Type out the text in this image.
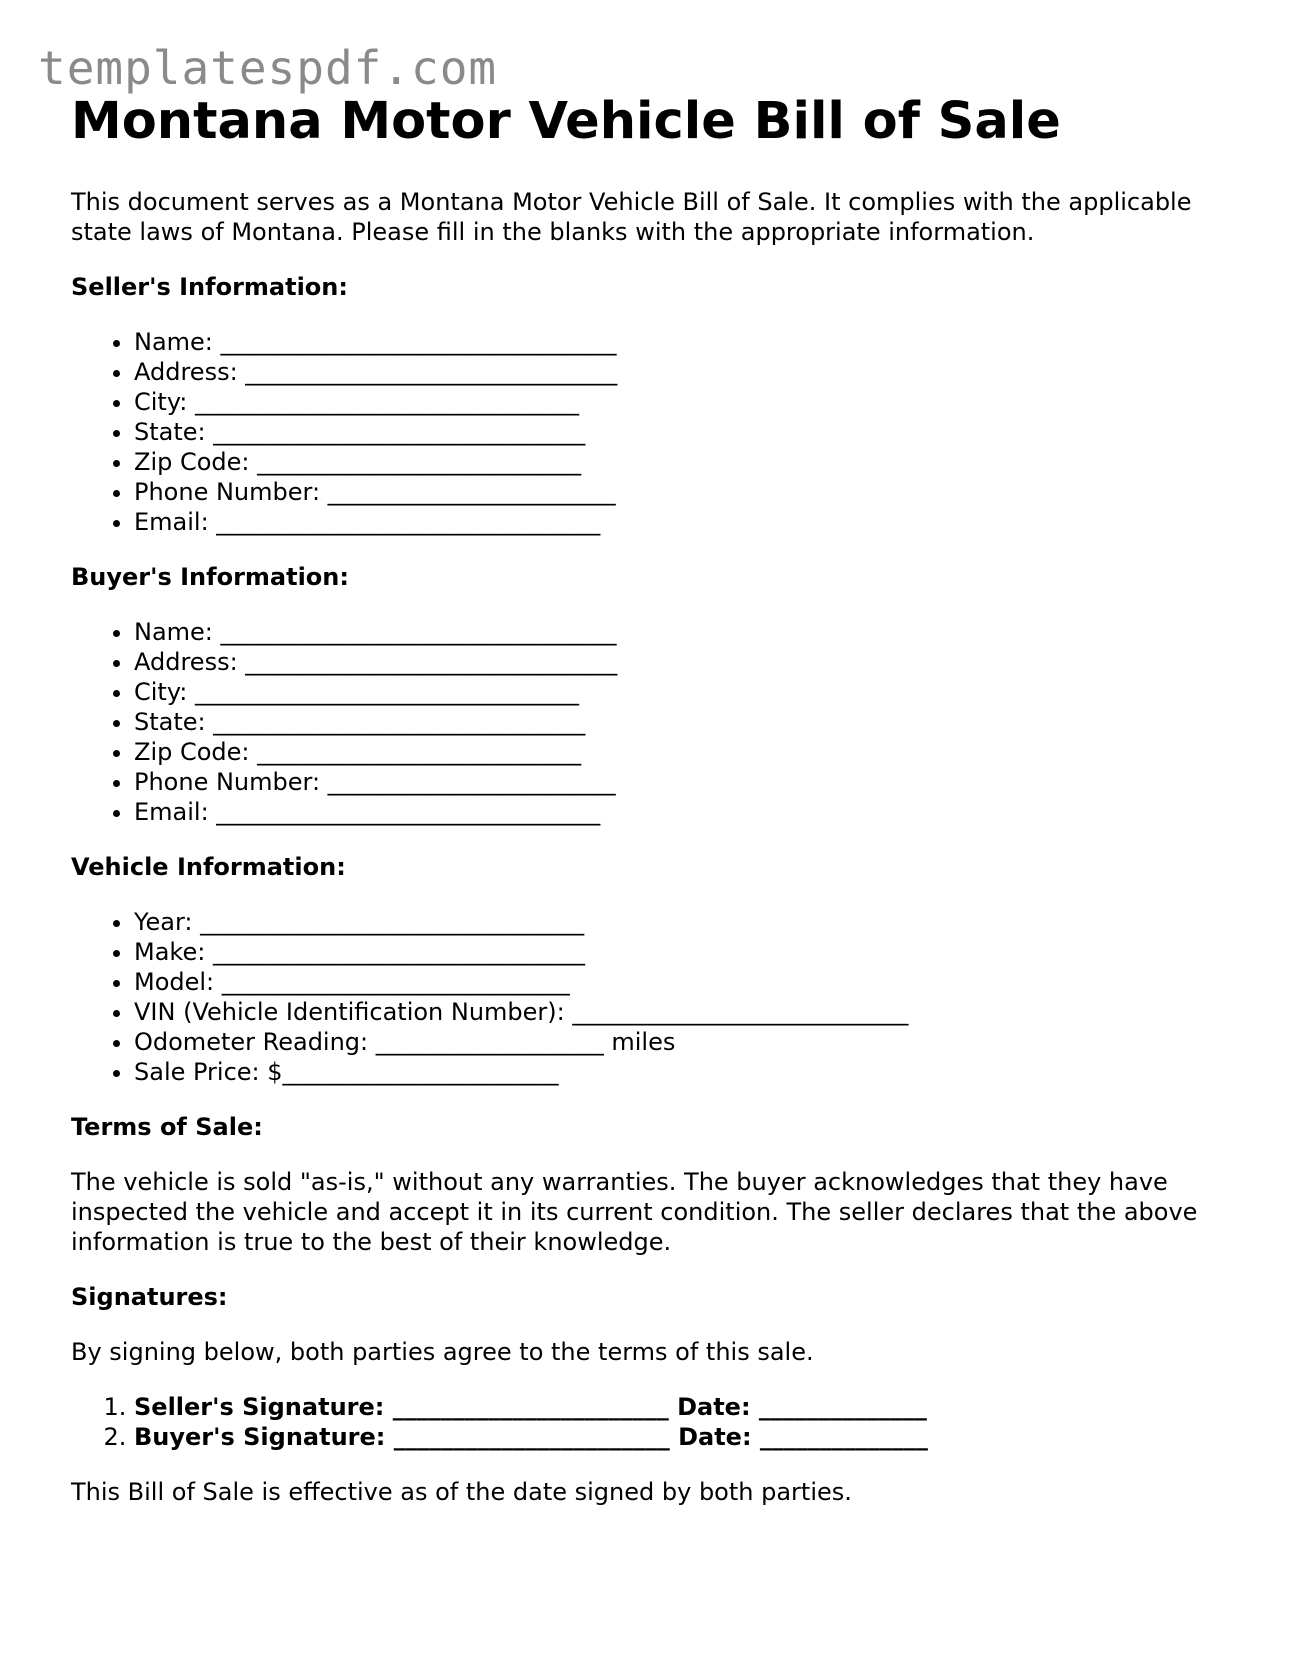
templatespdf.com
Montana Motor Vehicle Bill of Sale

This document serves as a Montana Motor Vehicle Bill of Sale. It complies with the applicable state laws of Montana. Please fill in the blanks with the appropriate information.

Seller's Information:
• Name: _________________________________
• Address: _______________________________
• City: ________________________________
• State: _______________________________
• Zip Code: ___________________________
• Phone Number: ________________________
• Email: ________________________________
Buyer's Information:
• Name: _________________________________
• Address: _______________________________
• City: ________________________________
• State: _______________________________
• Zip Code: ___________________________
• Phone Number: ________________________
• Email: ________________________________
Vehicle Information:
• Year: ________________________________
• Make: _______________________________
• Model: _____________________________
• VIN (Vehicle Identification Number): ____________________________
• Odometer Reading: ___________________ miles
• Sale Price: $_______________________
Terms of Sale:

The vehicle is sold "as-is," without any warranties. The buyer acknowledges that they have inspected the vehicle and accept it in its current condition. The seller declares that the above information is true to the best of their knowledge.

Signatures:

By signing below, both parties agree to the terms of this sale.

1. Seller's Signature: _______________________ Date: ______________
2. Buyer's Signature: _______________________ Date: ______________

This Bill of Sale is effective as of the date signed by both parties.
